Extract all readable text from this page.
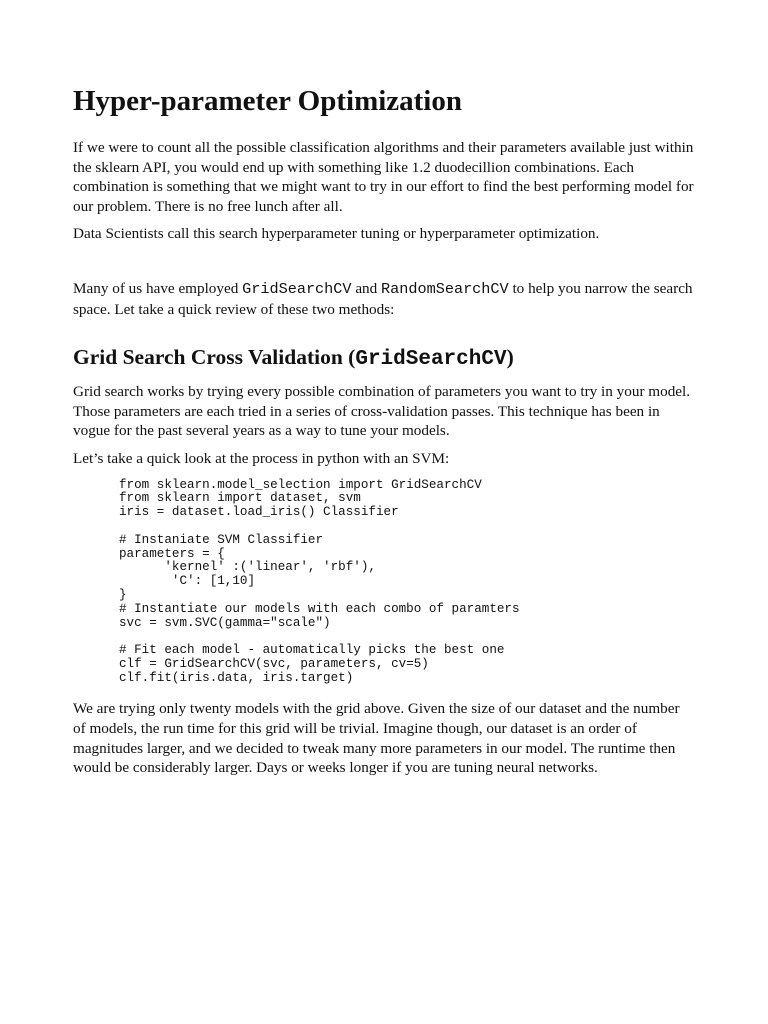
Hyper-parameter Optimization

If we were to count all the possible classification algorithms and their parameters available just within the sklearn API, you would end up with something like 1.2 duodecillion combinations. Each combination is something that we might want to try in our effort to find the best performing model for our problem. There is no free lunch after all.

Data Scientists call this search hyperparameter tuning or hyperparameter optimization.

Many of us have employed GridSearchCV and RandomSearchCV to help you narrow the search space. Let take a quick review of these two methods:

Grid Search Cross Validation (GridSearchCV)

Grid search works by trying every possible combination of parameters you want to try in your model. Those parameters are each tried in a series of cross-validation passes. This technique has been in vogue for the past several years as a way to tune your models.

Let’s take a quick look at the process in python with an SVM:

from sklearn.model_selection import GridSearchCV
from sklearn import dataset, svm
iris = dataset.load_iris() Classifier

# Instaniate SVM Classifier
parameters = {
'kernel' :('linear', 'rbf'),
'C': [1,10]
}
# Instantiate our models with each combo of paramters
svc = svm.SVC(gamma="scale")

# Fit each model - automatically picks the best one
clf = GridSearchCV(svc, parameters, cv=5)
clf.fit(iris.data, iris.target)

We are trying only twenty models with the grid above. Given the size of our dataset and the number of models, the run time for this grid will be trivial. Imagine though, our dataset is an order of magnitudes larger, and we decided to tweak many more parameters in our model. The runtime then would be considerably larger. Days or weeks longer if you are tuning neural networks.
